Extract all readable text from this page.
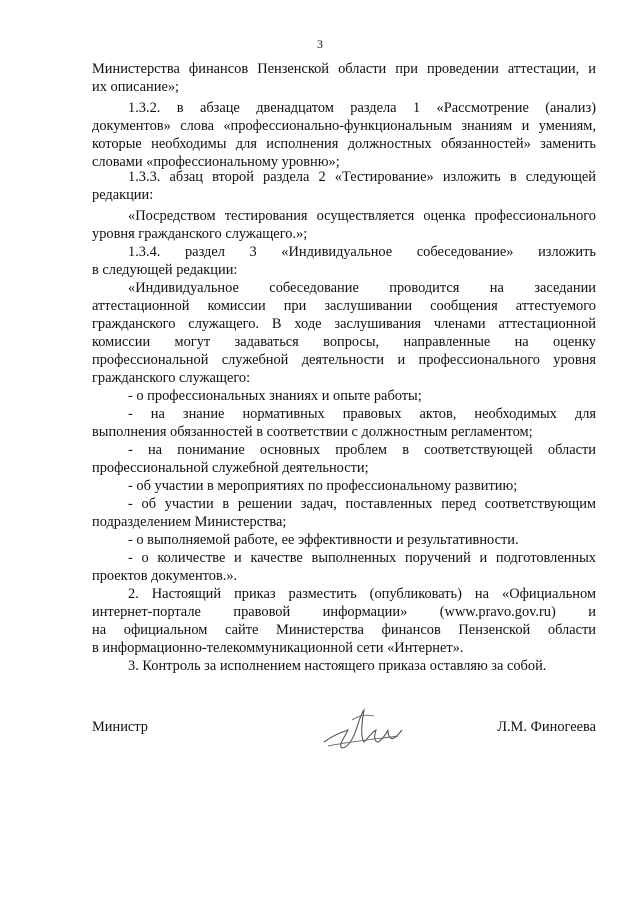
3
Министерства финансов Пензенской области при проведении аттестации, и
их описание»;
1.3.2. в абзаце двенадцатом раздела 1 «Рассмотрение (анализ)
документов» слова «профессионально-функциональным знаниям и умениям,
которые необходимы для исполнения должностных обязанностей» заменить
словами «профессиональному уровню»;
1.3.3. абзац второй раздела 2 «Тестирование» изложить в следующей
редакции:
«Посредством тестирования осуществляется оценка профессионального
уровня гражданского служащего.»;
1.3.4. раздел 3 «Индивидуальное собеседование» изложить
в следующей редакции:
«Индивидуальное собеседование проводится на заседании
аттестационной комиссии при заслушивании сообщения аттестуемого
гражданского служащего. В ходе заслушивания членами аттестационной
комиссии могут задаваться вопросы, направленные на оценку
профессиональной служебной деятельности и профессионального уровня
гражданского служащего:
- о профессиональных знаниях и опыте работы;
- на знание нормативных правовых актов, необходимых для
выполнения обязанностей в соответствии с должностным регламентом;
- на понимание основных проблем в соответствующей области
профессиональной служебной деятельности;
- об участии в мероприятиях по профессиональному развитию;
- об участии в решении задач, поставленных перед соответствующим
подразделением Министерства;
- о выполняемой работе, ее эффективности и результативности.
- о количестве и качестве выполненных поручений и подготовленных
проектов документов.».
2. Настоящий приказ разместить (опубликовать) на «Официальном
интернет-портале правовой информации» (www.pravo.gov.ru) и
на официальном сайте Министерства финансов Пензенской области
в информационно-телекоммуникационной сети «Интернет».
3. Контроль за исполнением настоящего приказа оставляю за собой.
Министр	Л.М. Финогеева
